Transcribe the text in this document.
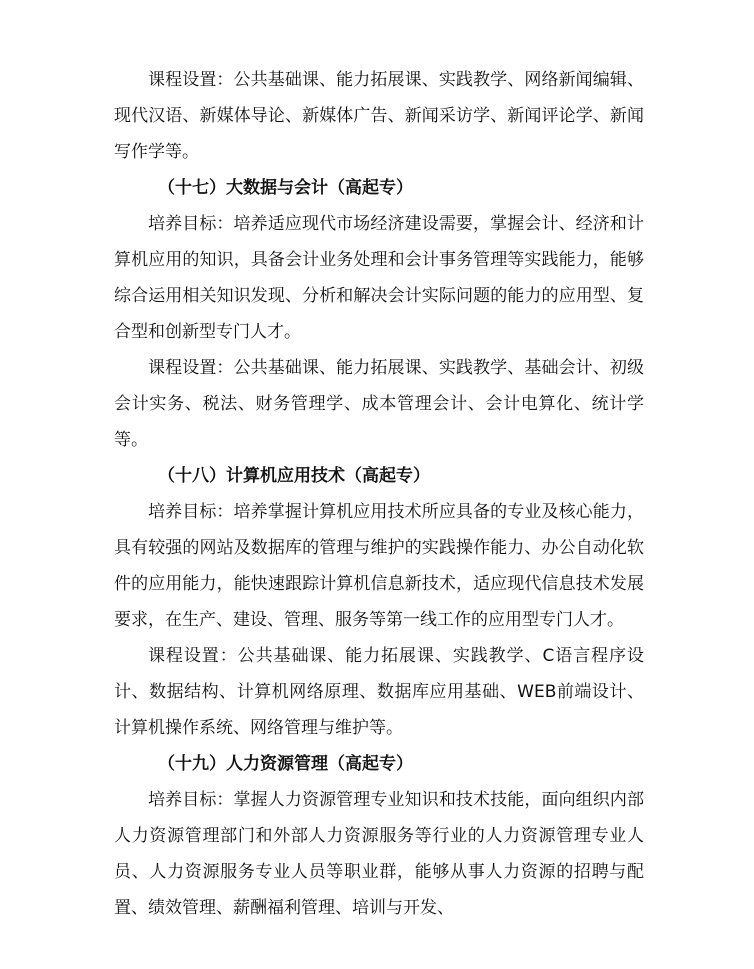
课程设置：公共基础课、能力拓展课、实践教学、网络新闻编辑、现代汉语、新媒体导论、新媒体广告、新闻采访学、新闻评论学、新闻写作学等。

（十七）大数据与会计（高起专）

培养目标：培养适应现代市场经济建设需要，掌握会计、经济和计算机应用的知识，具备会计业务处理和会计事务管理等实践能力，能够综合运用相关知识发现、分析和解决会计实际问题的能力的应用型、复合型和创新型专门人才。

课程设置：公共基础课、能力拓展课、实践教学、基础会计、初级会计实务、税法、财务管理学、成本管理会计、会计电算化、统计学等。

（十八）计算机应用技术（高起专）

培养目标：培养掌握计算机应用技术所应具备的专业及核心能力，具有较强的网站及数据库的管理与维护的实践操作能力、办公自动化软件的应用能力，能快速跟踪计算机信息新技术，适应现代信息技术发展要求，在生产、建设、管理、服务等第一线工作的应用型专门人才。

课程设置：公共基础课、能力拓展课、实践教学、C语言程序设计、数据结构、计算机网络原理、数据库应用基础、WEB前端设计、计算机操作系统、网络管理与维护等。

（十九）人力资源管理（高起专）

培养目标：掌握人力资源管理专业知识和技术技能，面向组织内部人力资源管理部门和外部人力资源服务等行业的人力资源管理专业人员、人力资源服务专业人员等职业群，能够从事人力资源的招聘与配置、绩效管理、薪酬福利管理、培训与开发、
